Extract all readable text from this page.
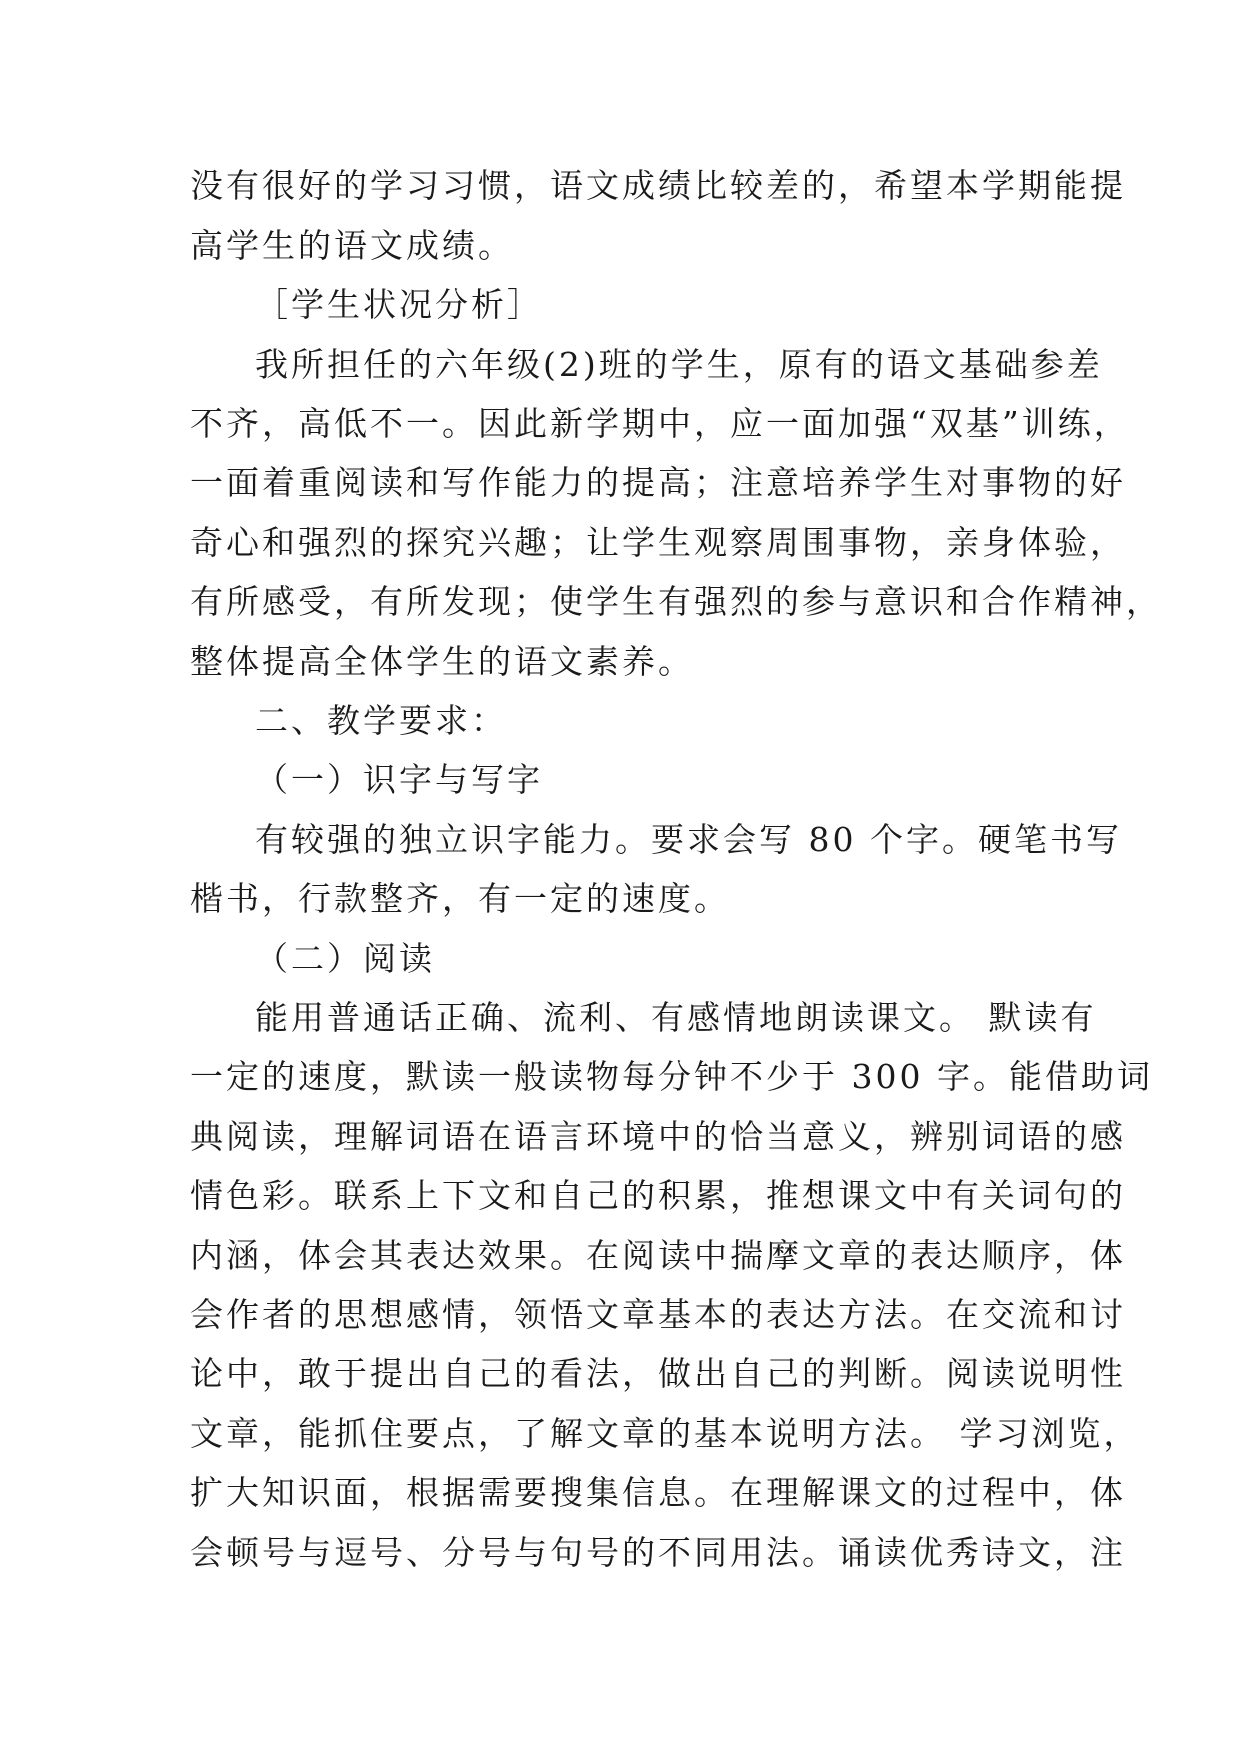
没有很好的学习习惯，语文成绩比较差的，希望本学期能提
高学生的语文成绩。
［学生状况分析］
我所担任的六年级(2)班的学生，原有的语文基础参差
不齐，高低不一。因此新学期中，应一面加强“双基”训练，
一面着重阅读和写作能力的提高；注意培养学生对事物的好
奇心和强烈的探究兴趣；让学生观察周围事物，亲身体验，
有所感受，有所发现；使学生有强烈的参与意识和合作精神，
整体提高全体学生的语文素养。
二、教学要求：
（一）识字与写字
有较强的独立识字能力。要求会写 80 个字。硬笔书写
楷书，行款整齐，有一定的速度。
（二）阅读
能用普通话正确、流利、有感情地朗读课文。 默读有
一定的速度，默读一般读物每分钟不少于 300 字。能借助词
典阅读，理解词语在语言环境中的恰当意义，辨别词语的感
情色彩。联系上下文和自己的积累，推想课文中有关词句的
内涵，体会其表达效果。在阅读中揣摩文章的表达顺序，体
会作者的思想感情，领悟文章基本的表达方法。在交流和讨
论中，敢于提出自己的看法，做出自己的判断。阅读说明性
文章，能抓住要点，了解文章的基本说明方法。 学习浏览，
扩大知识面，根据需要搜集信息。在理解课文的过程中，体
会顿号与逗号、分号与句号的不同用法。诵读优秀诗文，注
